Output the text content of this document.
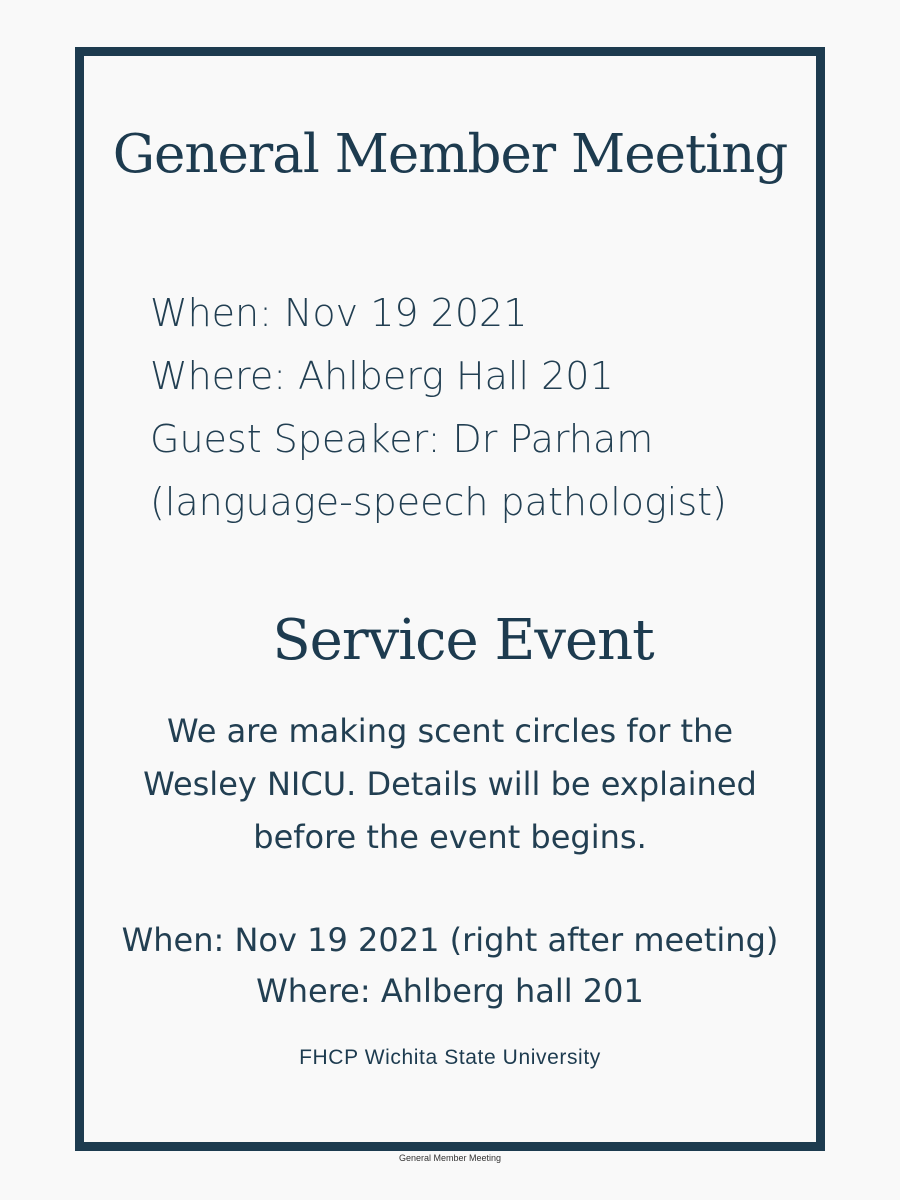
General Member Meeting
When: Nov 19 2021
Where: Ahlberg Hall 201
Guest Speaker: Dr Parham
(language-speech pathologist)
Service Event
We are making scent circles for the
Wesley NICU. Details will be explained
before the event begins.
When: Nov 19 2021 (right after meeting)
Where: Ahlberg hall 201
FHCP Wichita State University
General Member Meeting
